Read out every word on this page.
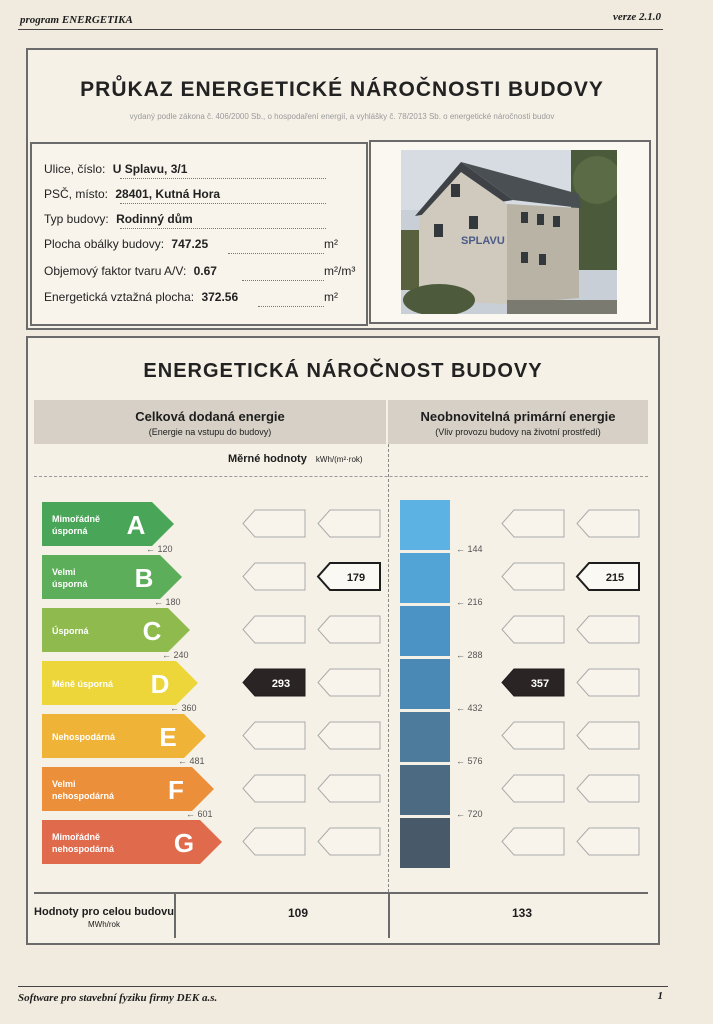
program ENERGETIKA	verze 2.1.0
PRŮKAZ ENERGETICKÉ NÁROČNOSTI BUDOVY
vydaný podle zákona č. 406/2000 Sb., o hospodaření energií, a vyhlášky č. 78/2013 Sb. o energetické náročnosti budov
Ulice, číslo: U Splavu, 3/1
PSČ, místo: 28401, Kutná Hora
Typ budovy: Rodinný dům
Plocha obálky budovy: 747.25	m²
Objemový faktor tvaru A/V: 0.67	m²/m³
Energetická vztažná plocha: 372.56	m²
SPLAVU
ENERGETICKÁ NÁROČNOST BUDOVY
Celková dodaná energie
(Energie na vstupu do budovy)
Neobnovitelná primární energie
(Vliv provozu budovy na životní prostředí)
Měrné hodnoty kWh/(m²·rok)
Mimořádně
úsporná A
← 120	← 144
Velmi
úsporná B
← 180	← 216
Úsporná C
← 240	← 288
Méně úsporná D
← 360	← 432
Nehospodárná E
← 481	← 576
Velmi
nehospodárná F
← 601	← 720
Mimořádně
nehospodárná G
179
293
215
357
Hodnoty pro celou budovu
MWh/rok
109	133
Software pro stavební fyziku firmy DEK a.s.	1
